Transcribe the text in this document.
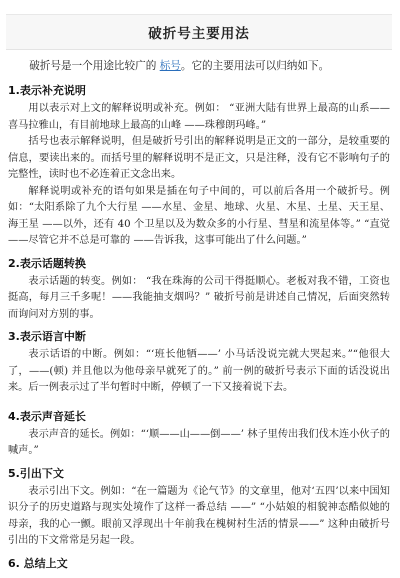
破折号主要用法

破折号是一个用途比较广的 标号。它的主要用法可以归纳如下。

1.表示补充说明

用以表示对上文的解释说明或补充。例如： “亚洲大陆有世界上最高的山系——喜马拉雅山，有目前地球上最高的山峰 ——珠穆朗玛峰。”

括号也表示解释说明，但是破折号引出的解释说明是正文的一部分，是较重要的信息，要读出来的。而括号里的解释说明不是正文，只是注释，没有它不影响句子的完整性，读时也不必连着正文念出来。

解释说明或补充的语句如果是插在句子中间的，可以前后各用一个破折号。例如：“太阳系除了九个大行星 ——水星、金星、地球、火星、木星、土星、天王星、海王星 ——以外，还有 40 个卫星以及为数众多的小行星、彗星和流星体等。” “直觉——尽管它并不总是可靠的 ——告诉我，这事可能出了什么问题。”

2.表示话题转换

表示话题的转变。例如： “我在珠海的公司干得挺顺心。老板对我不错，工资也挺高，每月三千多呢！——我能抽支烟吗？” 破折号前是讲述自己情况，后面突然转而询问对方别的事。

3.表示语言中断

表示话语的中断。例如：“‘班长他牺——’ 小马话没说完就大哭起来。”“他很大了，——(顿) 并且他以为他母亲早就死了的。” 前一例的破折号表示下面的话没说出来。后一例表示过了半句暂时中断，停顿了一下又接着说下去。

4.表示声音延长

表示声音的延长。例如：“‘顺——山——倒——’ 林子里传出我们伐木连小伙子的喊声。”

5.引出下文

表示引出下文。例如：“在一篇题为《论气节》的文章里，他对‘五四’以来中国知识分子的历史道路与现实处境作了这样一番总结 ——” “小姑娘的相貌神态酷似她的母亲，我的心一颤。眼前又浮现出十年前我在槐树村生活的情景——” 这种由破折号引出的下文常常是另起一段。

6. 总结上文
